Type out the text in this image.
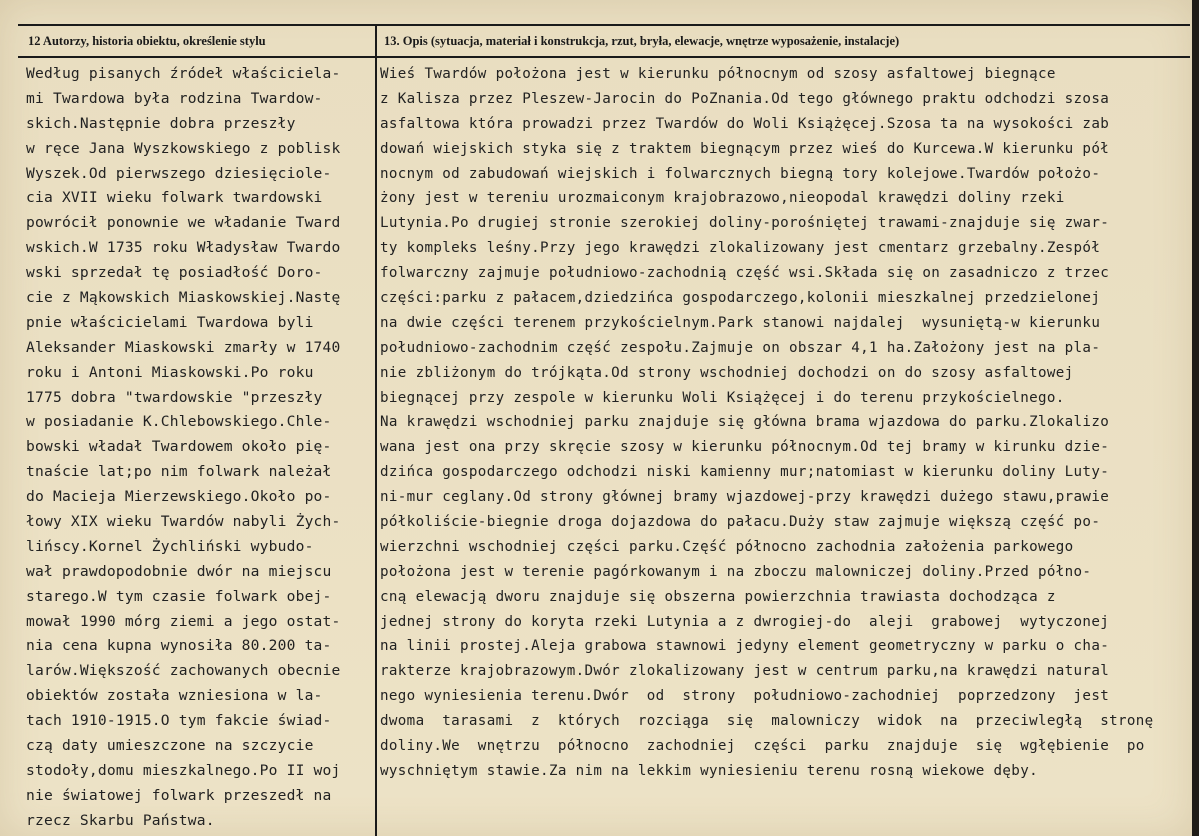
12 Autorzy, historia obiektu, określenie stylu	13. Opis (sytuacja, materiał i konstrukcja, rzut, bryła, elewacje, wnętrze wyposażenie, instalacje)
Według pisanych źródeł właściciela-
mi Twardowa była rodzina Twardow-
skich.Następnie dobra przeszły
w ręce Jana Wyszkowskiego z poblisk
Wyszek.Od pierwszego dziesięciole-
cia XVII wieku folwark twardowski
powrócił ponownie we władanie Tward
wskich.W 1735 roku Władysław Twardo
wski sprzedał tę posiadłość Doro-
cie z Mąkowskich Miaskowskiej.Nastę
pnie właścicielami Twardowa byli
Aleksander Miaskowski zmarły w 1740
roku i Antoni Miaskowski.Po roku
1775 dobra "twardowskie "przeszły
w posiadanie K.Chlebowskiego.Chle-
bowski władał Twardowem około pię-
tnaście lat;po nim folwark należał
do Macieja Mierzewskiego.Około po-
łowy XIX wieku Twardów nabyli Żych-
lińscy.Kornel Żychliński wybudo-
wał prawdopodobnie dwór na miejscu
starego.W tym czasie folwark obej-
mował 1990 mórg ziemi a jego ostat-
nia cena kupna wynosiła 80.200 ta-
larów.Większość zachowanych obecnie
obiektów została wzniesiona w la-
tach 1910-1915.O tym fakcie świad-
czą daty umieszczone na szczycie
stodoły,domu mieszkalnego.Po II woj
nie światowej folwark przeszedł na
rzecz Skarbu Państwa.
Wieś Twardów położona jest w kierunku północnym od szosy asfaltowej biegnące
z Kalisza przez Pleszew-Jarocin do PoZnania.Od tego głównego praktu odchodzi szosa
asfaltowa która prowadzi przez Twardów do Woli Książęcej.Szosa ta na wysokości zab
dowań wiejskich styka się z traktem biegnącym przez wieś do Kurcewa.W kierunku pół
nocnym od zabudowań wiejskich i folwarcznych biegną tory kolejowe.Twardów położo-
żony jest w tereniu urozmaiconym krajobrazowo,nieopodal krawędzi doliny rzeki
Lutynia.Po drugiej stronie szerokiej doliny-porośniętej trawami-znajduje się zwar-
ty kompleks leśny.Przy jego krawędzi zlokalizowany jest cmentarz grzebalny.Zespół
folwarczny zajmuje południowo-zachodnią część wsi.Składa się on zasadniczo z trzec
części:parku z pałacem,dziedzińca gospodarczego,kolonii mieszkalnej przedzielonej
na dwie części terenem przykościelnym.Park stanowi najdalej  wysuniętą-w kierunku
południowo-zachodnim część zespołu.Zajmuje on obszar 4,1 ha.Założony jest na pla-
nie zbliżonym do trójkąta.Od strony wschodniej dochodzi on do szosy asfaltowej
biegnącej przy zespole w kierunku Woli Książęcej i do terenu przykościelnego.
Na krawędzi wschodniej parku znajduje się główna brama wjazdowa do parku.Zlokalizo
wana jest ona przy skręcie szosy w kierunku północnym.Od tej bramy w kirunku dzie-
dzińca gospodarczego odchodzi niski kamienny mur;natomiast w kierunku doliny Luty-
ni-mur ceglany.Od strony głównej bramy wjazdowej-przy krawędzi dużego stawu,prawie
półkoliście-biegnie droga dojazdowa do pałacu.Duży staw zajmuje większą część po-
wierzchni wschodniej części parku.Część północno zachodnia założenia parkowego
położona jest w terenie pagórkowanym i na zboczu malowniczej doliny.Przed półno-
cną elewacją dworu znajduje się obszerna powierzchnia trawiasta dochodząca z
jednej strony do koryta rzeki Lutynia a z dwrogiej-do  aleji  grabowej  wytyczonej
na linii prostej.Aleja grabowa stawnowi jedyny element geometryczny w parku o cha-
rakterze krajobrazowym.Dwór zlokalizowany jest w centrum parku,na krawędzi natural
nego wyniesienia terenu.Dwór  od  strony  południowo-zachodniej  poprzedzony  jest
dwoma  tarasami  z  których  rozciąga  się  malowniczy  widok  na  przeciwległą  stronę
doliny.We  wnętrzu  północno  zachodniej  części  parku  znajduje  się  wgłębienie  po
wyschniętym stawie.Za nim na lekkim wyniesieniu terenu rosną wiekowe dęby.
